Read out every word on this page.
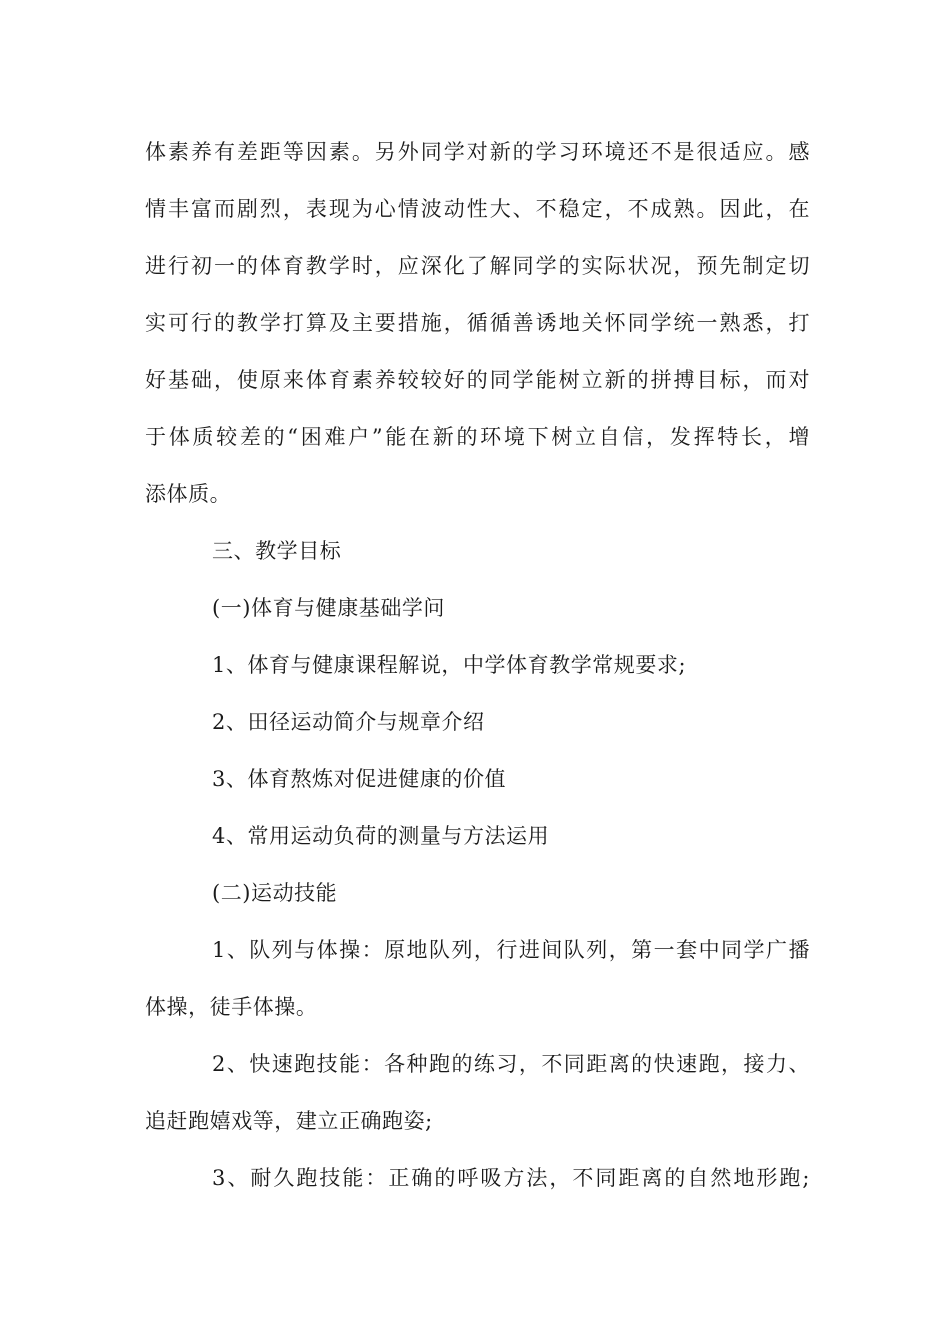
体素养有差距等因素。另外同学对新的学习环境还不是很适应。感
情丰富而剧烈，表现为心情波动性大、不稳定，不成熟。因此，在
进行初一的体育教学时，应深化了解同学的实际状况，预先制定切
实可行的教学打算及主要措施，循循善诱地关怀同学统一熟悉，打
好基础，使原来体育素养较较好的同学能树立新的拼搏目标，而对
于体质较差的“困难户”能在新的环境下树立自信，发挥特长，增
添体质。
三、教学目标
(一)体育与健康基础学问
1、体育与健康课程解说，中学体育教学常规要求;
2、田径运动简介与规章介绍
3、体育熬炼对促进健康的价值
4、常用运动负荷的测量与方法运用
(二)运动技能
1、队列与体操：原地队列，行进间队列，第一套中同学广播
体操，徒手体操。
2、快速跑技能：各种跑的练习，不同距离的快速跑，接力、
追赶跑嬉戏等，建立正确跑姿;
3、耐久跑技能：正确的呼吸方法，不同距离的自然地形跑;
